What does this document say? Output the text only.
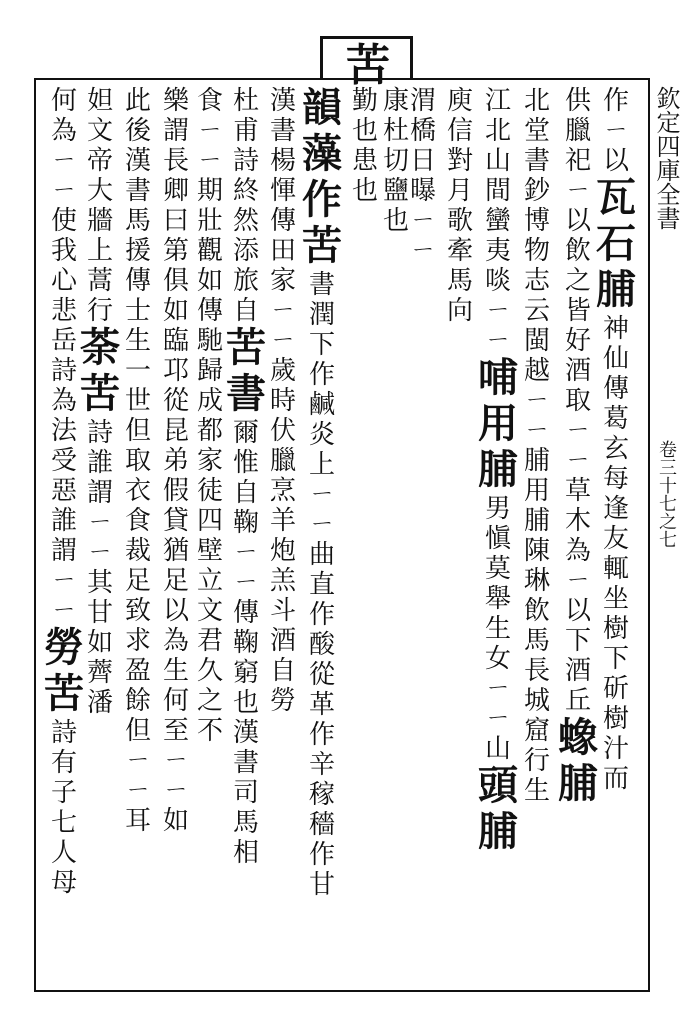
欽定四庫全書
卷三十七之七
苦
作
ㄧ
以
瓦
石
脯
神
仙
傳
葛
玄
每
逢
友
輒
坐
樹
下
斫
樹
汁
而
供
臘
祀
ㄧ
以
飲
之
皆
好
酒
取
ㄧ
ㄧ
草
木
為
ㄧ
以
下
酒
丘
蟓
脯
北
堂
書
鈔
博
物
志
云
閩
越
ㄧ
ㄧ
脯
用
脯
陳
琳
飲
馬
長
城
窟
行
生
江
北
山
間
蠻
夷
啖
ㄧ
ㄧ
哺
用
脯
男
愼
莫
舉
生
女
ㄧ
ㄧ
山
頭
脯
庾
信
對
月
歌
牽
馬
向
渭
橋
日
曝
ㄧ
ㄧ
康
杜
切
鹽
也
勤
也
患
也
韻
藻
作
苦
書
潤
下
作
鹹
炎
上
ㄧ
ㄧ
曲
直
作
酸
從
革
作
辛
稼
穡
作
甘
漢
書
楊
惲
傳
田
家
ㄧ
ㄧ
歲
時
伏
臘
烹
羊
炮
羔
斗
酒
自
勞
杜
甫
詩
終
然
添
旅
自
苦
書
爾
惟
自
鞠
ㄧ
ㄧ
傳
鞠
窮
也
漢
書
司
馬
相
食
ㄧ
ㄧ
期
壯
觀
如
傳
馳
歸
成
都
家
徒
四
壁
立
文
君
久
之
不
樂
謂
長
卿
曰
第
俱
如
臨
邛
從
昆
弟
假
貸
猶
足
以
為
生
何
至
ㄧ
ㄧ
如
此
後
漢
書
馬
援
傳
士
生
一
世
但
取
衣
食
裁
足
致
求
盈
餘
但
ㄧ
ㄧ
耳
妲
文
帝
大
牆
上
蒿
行
荼
苦
詩
誰
謂
ㄧ
ㄧ
其
甘
如
薺
潘
何
為
ㄧ
ㄧ
使
我
心
悲
岳
詩
為
法
受
惡
誰
謂
ㄧ
ㄧ
勞
苦
詩
有
子
七
人
母
